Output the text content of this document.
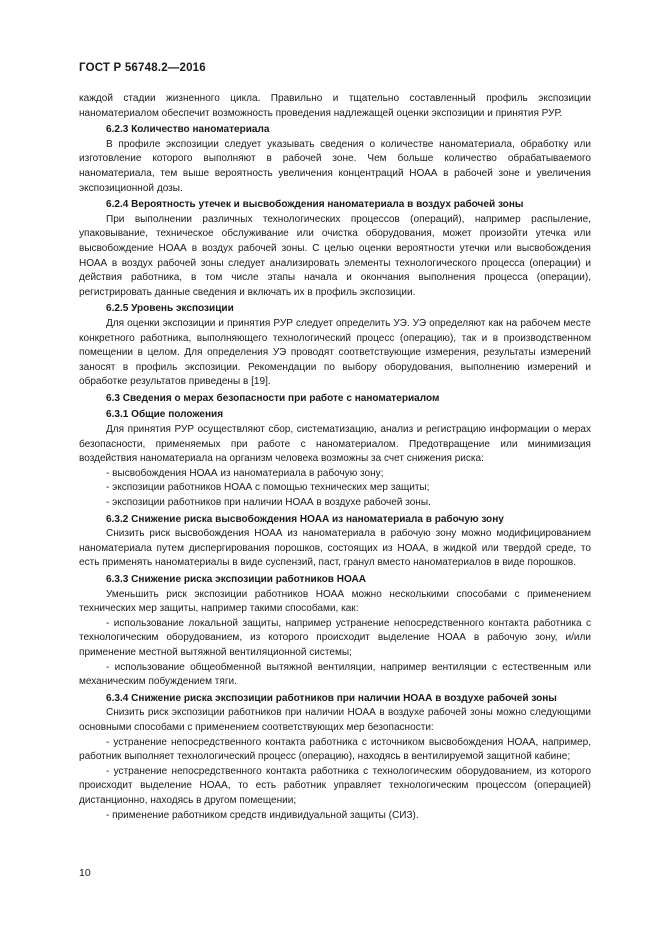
ГОСТ Р 56748.2—2016

каждой стадии жизненного цикла. Правильно и тщательно составленный профиль экспозиции наноматериалом обеспечит возможность проведения надлежащей оценки экспозиции и принятия РУР.

6.2.3 Количество наноматериала

В профиле экспозиции следует указывать сведения о количестве наноматериала, обработку или изготовление которого выполняют в рабочей зоне. Чем больше количество обрабатываемого наноматериала, тем выше вероятность увеличения концентраций НОАА в рабочей зоне и увеличения экспозиционной дозы.

6.2.4 Вероятность утечек и высвобождения наноматериала в воздух рабочей зоны

При выполнении различных технологических процессов (операций), например распыление, упаковывание, техническое обслуживание или очистка оборудования, может произойти утечка или высвобождение НОАА в воздух рабочей зоны. С целью оценки вероятности утечки или высвобождения НОАА в воздух рабочей зоны следует анализировать элементы технологического процесса (операции) и действия работника, в том числе этапы начала и окончания выполнения процесса (операции), регистрировать данные сведения и включать их в профиль экспозиции.

6.2.5 Уровень экспозиции

Для оценки экспозиции и принятия РУР следует определить УЭ. УЭ определяют как на рабочем месте конкретного работника, выполняющего технологический процесс (операцию), так и в производственном помещении в целом. Для определения УЭ проводят соответствующие измерения, результаты измерений заносят в профиль экспозиции. Рекомендации по выбору оборудования, выполнению измерений и обработке результатов приведены в [19].

6.3 Сведения о мерах безопасности при работе с наноматериалом

6.3.1 Общие положения

Для принятия РУР осуществляют сбор, систематизацию, анализ и регистрацию информации о мерах безопасности, применяемых при работе с наноматериалом. Предотвращение или минимизация воздействия наноматериала на организм человека возможны за счет снижения риска:

- высвобождения НОАА из наноматериала в рабочую зону;

- экспозиции работников НОАА с помощью технических мер защиты;

- экспозиции работников при наличии НОАА в воздухе рабочей зоны.

6.3.2 Снижение риска высвобождения НОАА из наноматериала в рабочую зону

Снизить риск высвобождения НОАА из наноматериала в рабочую зону можно модифицированием наноматериала путем диспергирования порошков, состоящих из НОАА, в жидкой или твердой среде, то есть применять наноматериалы в виде суспензий, паст, гранул вместо наноматериалов в виде порошков.

6.3.3 Снижение риска экспозиции работников НОАА

Уменьшить риск экспозиции работников НОАА можно несколькими способами с применением технических мер защиты, например такими способами, как:

- использование локальной защиты, например устранение непосредственного контакта работника с технологическим оборудованием, из которого происходит выделение НОАА в рабочую зону, и/или применение местной вытяжной вентиляционной системы;

- использование общеобменной вытяжной вентиляции, например вентиляции с естественным или механическим побуждением тяги.

6.3.4 Снижение риска экспозиции работников при наличии НОАА в воздухе рабочей зоны

Снизить риск экспозиции работников при наличии НОАА в воздухе рабочей зоны можно следующими основными способами с применением соответствующих мер безопасности:

- устранение непосредственного контакта работника с источником высвобождения НОАА, например, работник выполняет технологический процесс (операцию), находясь в вентилируемой защитной кабине;

- устранение непосредственного контакта работника с технологическим оборудованием, из которого происходит выделение НОАА, то есть работник управляет технологическим процессом (операцией) дистанционно, находясь в другом помещении;

- применение работником средств индивидуальной защиты (СИЗ).

10
